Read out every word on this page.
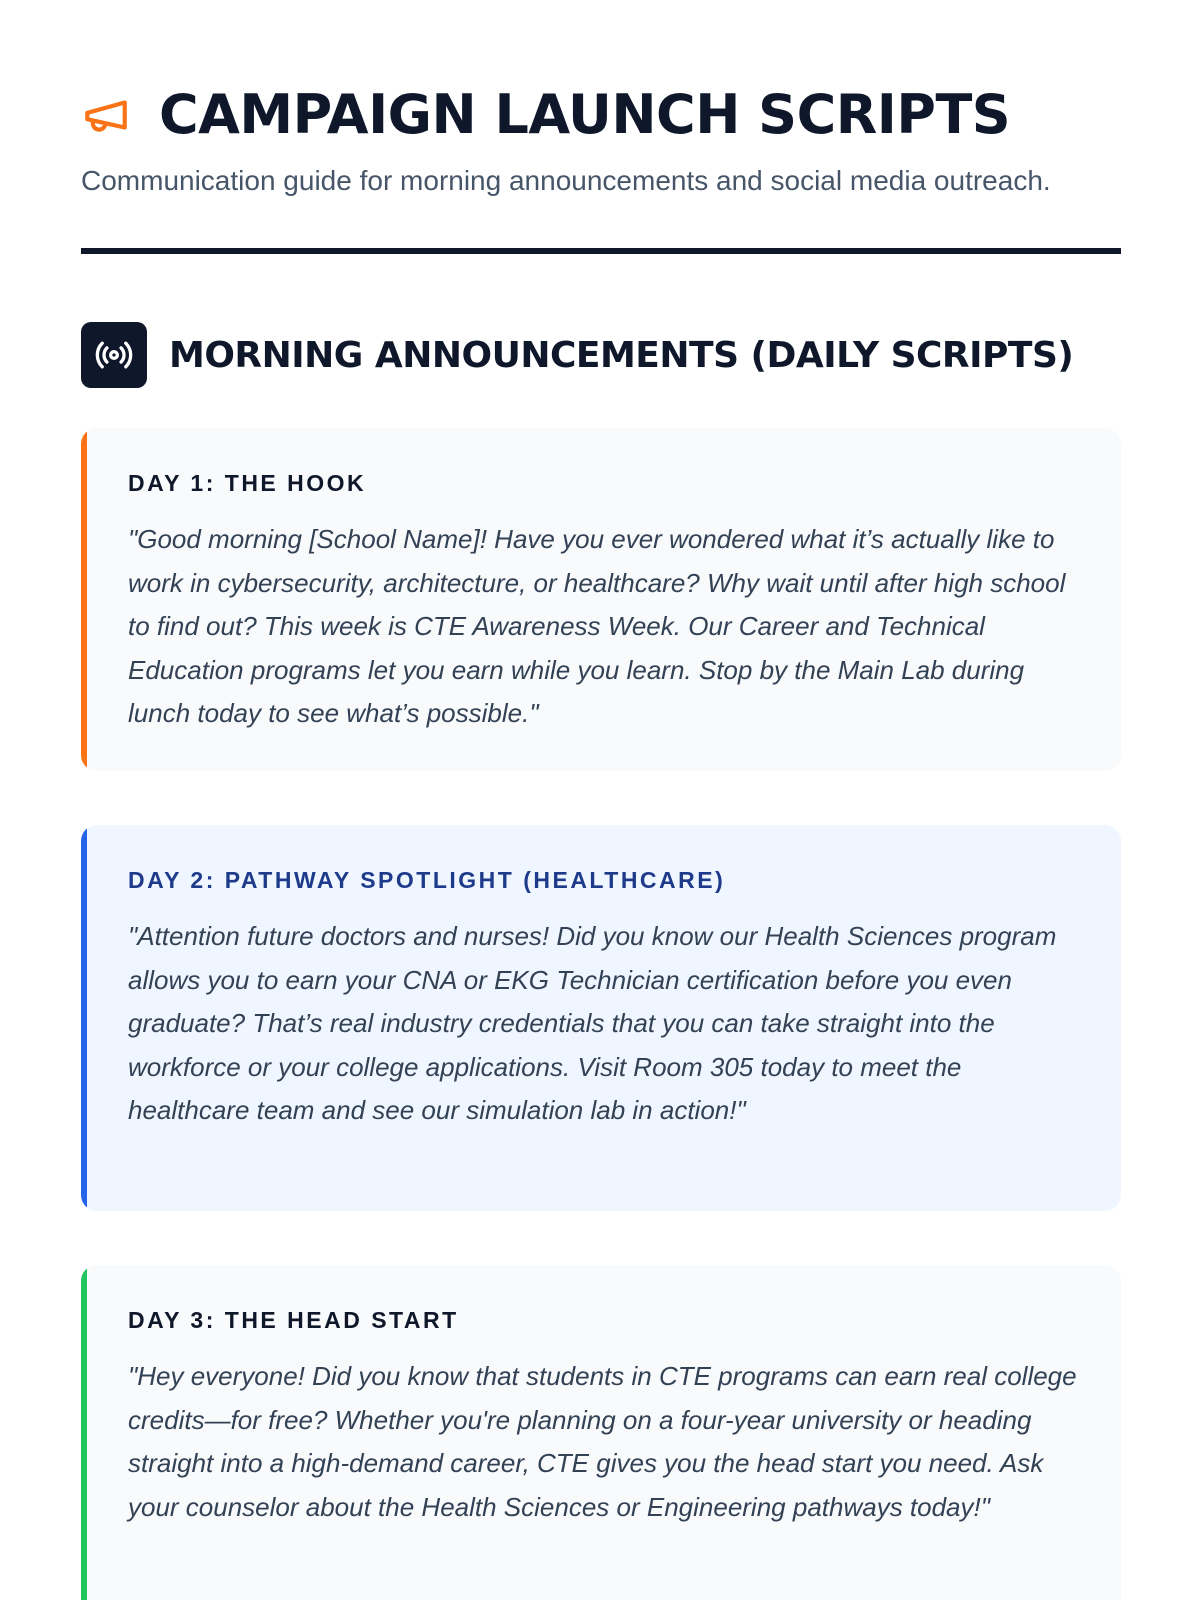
CAMPAIGN LAUNCH SCRIPTS

Communication guide for morning announcements and social media outreach.

MORNING ANNOUNCEMENTS (DAILY SCRIPTS)
DAY 1: THE HOOK

"Good morning [School Name]! Have you ever wondered what it’s actually like to work in cybersecurity, architecture, or healthcare? Why wait until after high school to find out? This week is CTE Awareness Week. Our Career and Technical Education programs let you earn while you learn. Stop by the Main Lab during lunch today to see what’s possible."

DAY 2: PATHWAY SPOTLIGHT (HEALTHCARE)

"Attention future doctors and nurses! Did you know our Health Sciences program allows you to earn your CNA or EKG Technician certification before you even graduate? That’s real industry credentials that you can take straight into the workforce or your college applications. Visit Room 305 today to meet the healthcare team and see our simulation lab in action!"

DAY 3: THE HEAD START

"Hey everyone! Did you know that students in CTE programs can earn real college credits—for free? Whether you're planning on a four-year university or heading straight into a high-demand career, CTE gives you the head start you need. Ask your counselor about the Health Sciences or Engineering pathways today!"
